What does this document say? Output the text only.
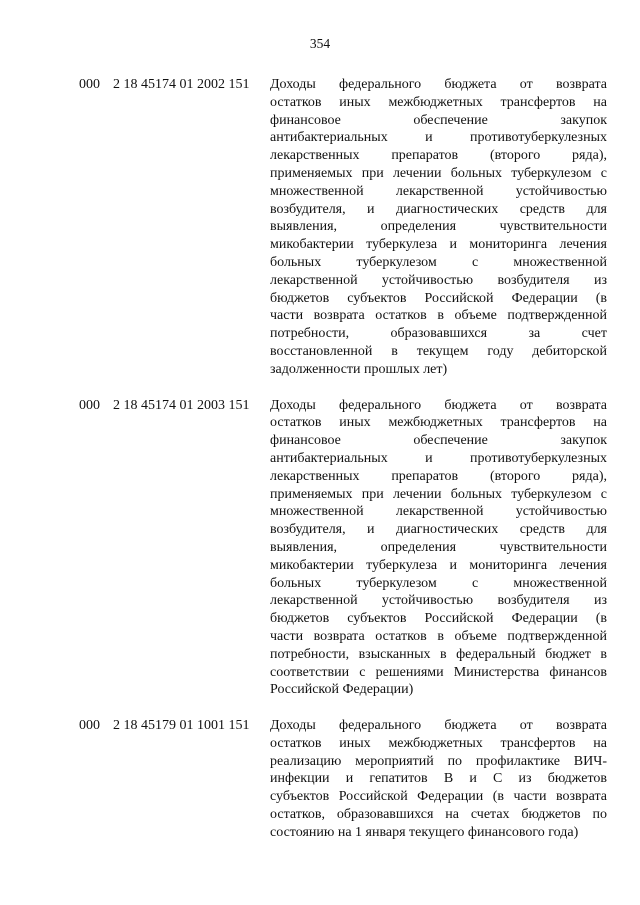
354
000 2 18 45174 01 2002 151 Доходы федерального бюджета от возврата
остатков иных межбюджетных трансфертов на
финансовое обеспечение закупок
антибактериальных и противотуберкулезных
лекарственных препаратов (второго ряда),
применяемых при лечении больных туберкулезом с
множественной лекарственной устойчивостью
возбудителя, и диагностических средств для
выявления, определения чувствительности
микобактерии туберкулеза и мониторинга лечения
больных туберкулезом с множественной
лекарственной устойчивостью возбудителя из
бюджетов субъектов Российской Федерации (в
части возврата остатков в объеме подтвержденной
потребности, образовавшихся за счет
восстановленной в текущем году дебиторской
задолженности прошлых лет)
000 2 18 45174 01 2003 151 Доходы федерального бюджета от возврата
остатков иных межбюджетных трансфертов на
финансовое обеспечение закупок
антибактериальных и противотуберкулезных
лекарственных препаратов (второго ряда),
применяемых при лечении больных туберкулезом с
множественной лекарственной устойчивостью
возбудителя, и диагностических средств для
выявления, определения чувствительности
микобактерии туберкулеза и мониторинга лечения
больных туберкулезом с множественной
лекарственной устойчивостью возбудителя из
бюджетов субъектов Российской Федерации (в
части возврата остатков в объеме подтвержденной
потребности, взысканных в федеральный бюджет в
соответствии с решениями Министерства финансов
Российской Федерации)
000 2 18 45179 01 1001 151 Доходы федерального бюджета от возврата
остатков иных межбюджетных трансфертов на
реализацию мероприятий по профилактике ВИЧ-
инфекции и гепатитов В и С из бюджетов
субъектов Российской Федерации (в части возврата
остатков, образовавшихся на счетах бюджетов по
состоянию на 1 января текущего финансового года)
